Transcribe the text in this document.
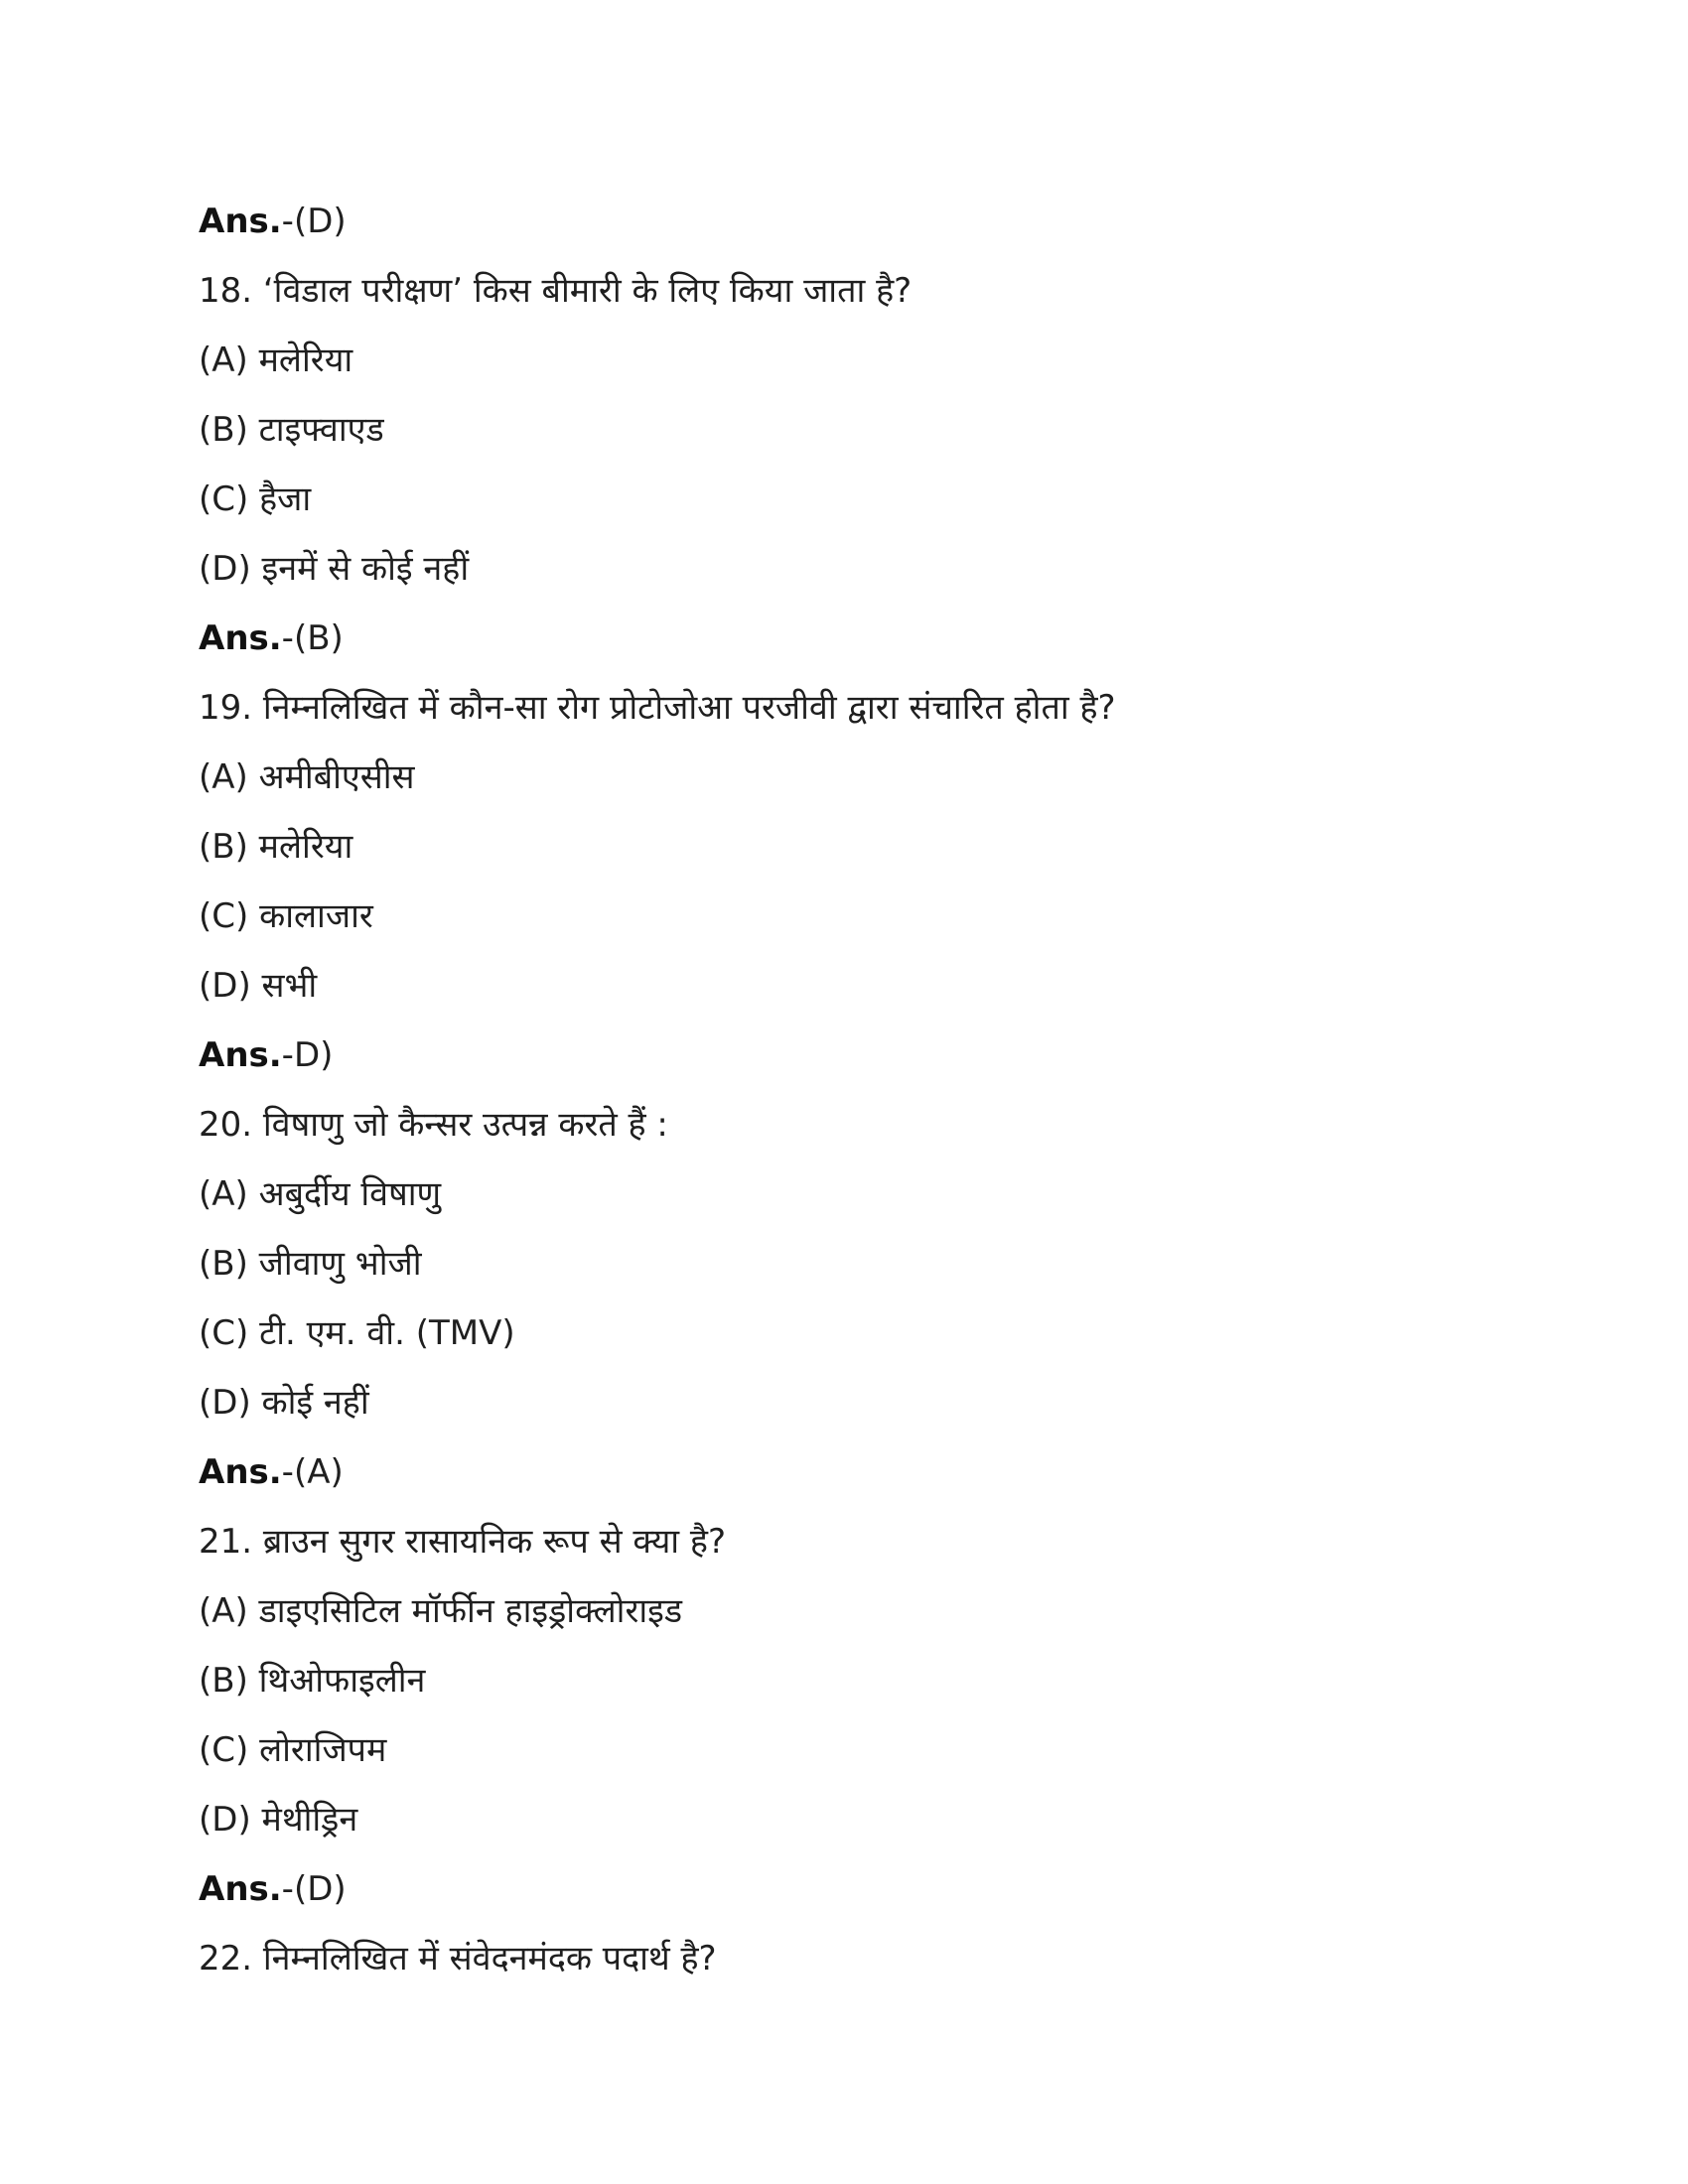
Ans.-(D)
18. ‘विडाल परीक्षण’ किस बीमारी के लिए किया जाता है?
(A) मलेरिया
(B) टाइफ्वाएड
(C) हैजा
(D) इनमें से कोई नहीं
Ans.-(B)
19. निम्नलिखित में कौन-सा रोग प्रोटोजोआ परजीवी द्वारा संचारित होता है?
(A) अमीबीएसीस
(B) मलेरिया
(C) कालाजार
(D) सभी
Ans.-D)
20. विषाणु जो कैन्सर उत्पन्न करते हैं :
(A) अबुर्दीय विषाणु
(B) जीवाणु भोजी
(C) टी. एम. वी. (TMV)
(D) कोई नहीं
Ans.-(A)
21. ब्राउन सुगर रासायनिक रूप से क्या है?
(A) डाइएसिटिल मॉर्फीन हाइड्रोक्लोराइड
(B) थिओफाइलीन
(C) लोराजिपम
(D) मेथीड्रिन
Ans.-(D)
22. निम्नलिखित में संवेदनमंदक पदार्थ है?
